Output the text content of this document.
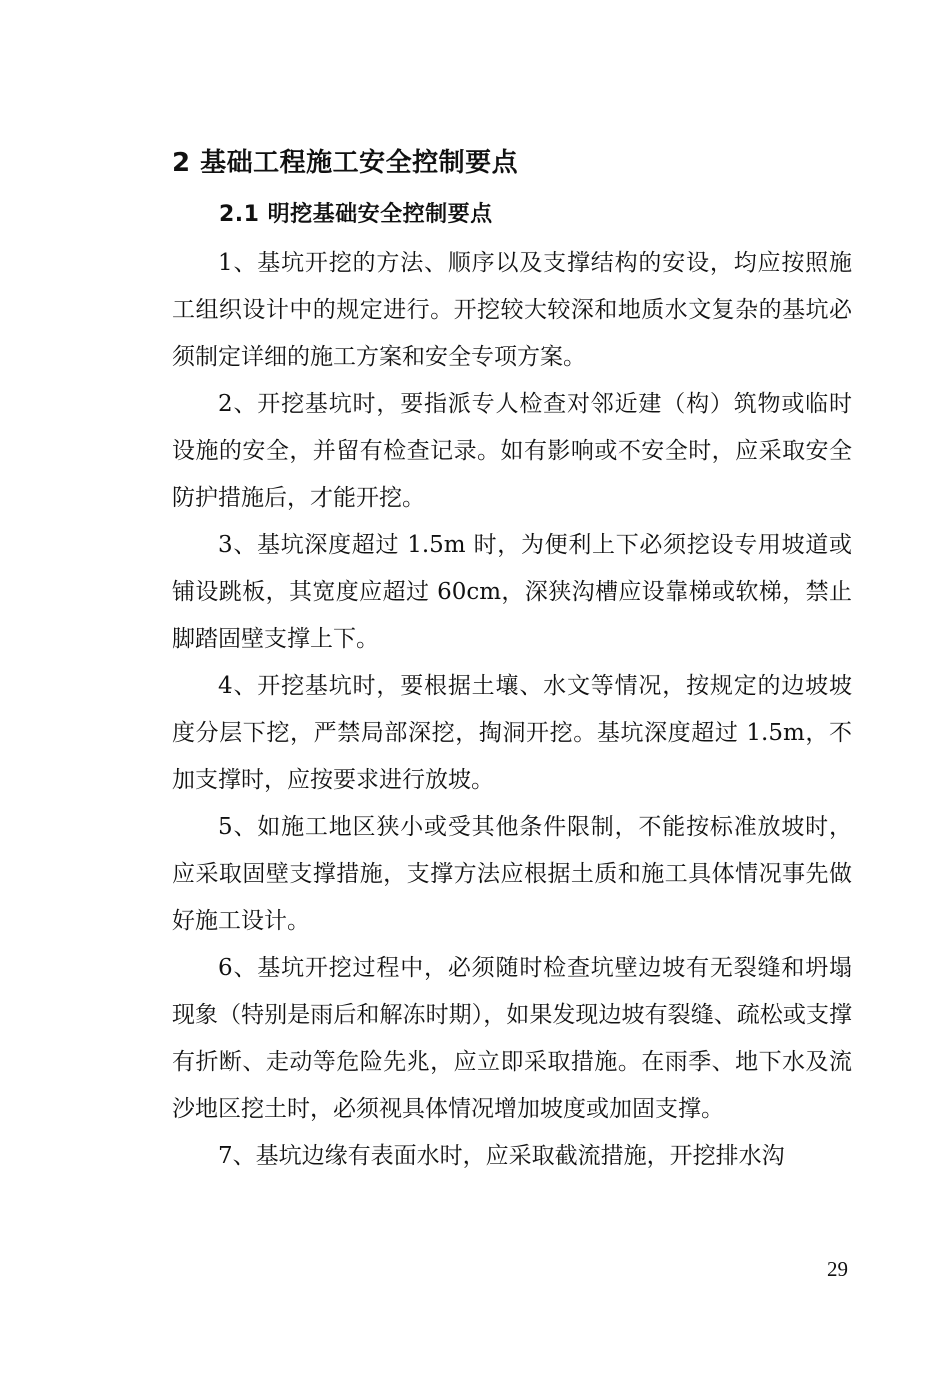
2 基础工程施工安全控制要点
2.1 明挖基础安全控制要点

1、基坑开挖的方法、顺序以及支撑结构的安设，均应按照施工组织设计中的规定进行。开挖较大较深和地质水文复杂的基坑必须制定详细的施工方案和安全专项方案。

2、开挖基坑时，要指派专人检查对邻近建（构）筑物或临时设施的安全，并留有检查记录。如有影响或不安全时，应采取安全防护措施后，才能开挖。

3、基坑深度超过 1.5m 时，为便利上下必须挖设专用坡道或铺设跳板，其宽度应超过 60cm，深狭沟槽应设靠梯或软梯，禁止脚踏固壁支撑上下。

4、开挖基坑时，要根据土壤、水文等情况，按规定的边坡坡度分层下挖，严禁局部深挖，掏洞开挖。基坑深度超过 1.5m，不加支撑时，应按要求进行放坡。

5、如施工地区狭小或受其他条件限制，不能按标准放坡时，应采取固壁支撑措施，支撑方法应根据土质和施工具体情况事先做好施工设计。

6、基坑开挖过程中，必须随时检查坑壁边坡有无裂缝和坍塌现象（特别是雨后和解冻时期），如果发现边坡有裂缝、疏松或支撑有折断、走动等危险先兆，应立即采取措施。在雨季、地下水及流沙地区挖土时，必须视具体情况增加坡度或加固支撑。

7、基坑边缘有表面水时，应采取截流措施，开挖排水沟

29
